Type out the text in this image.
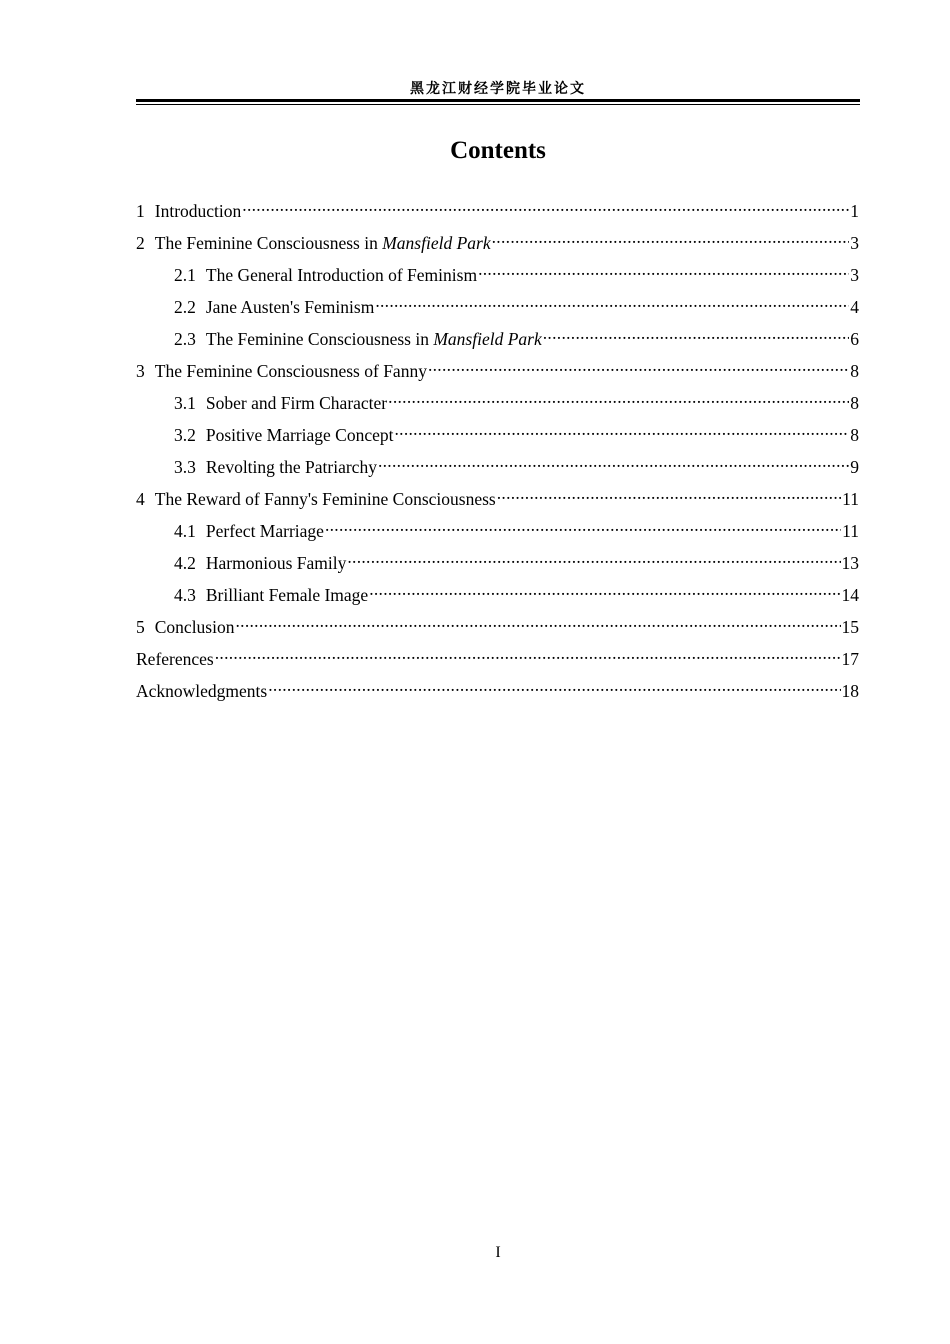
黑龙江财经学院毕业论文
Contents
1 Introduction .....	1
2 The Feminine Consciousness in Mansfield Park .....	3
2.1 The General Introduction of Feminism .....	3
2.2 Jane Austen's Feminism .....	4
2.3 The Feminine Consciousness in Mansfield Park .....	6
3 The Feminine Consciousness of Fanny .....	8
3.1 Sober and Firm Character .....	8
3.2 Positive Marriage Concept .....	8
3.3 Revolting the Patriarchy .....	9
4 The Reward of Fanny's Feminine Consciousness .....	11
4.1 Perfect Marriage .....	11
4.2 Harmonious Family .....	13
4.3 Brilliant Female Image .....	14
5 Conclusion .....	15
References .....	17
Acknowledgments .....	18
I
